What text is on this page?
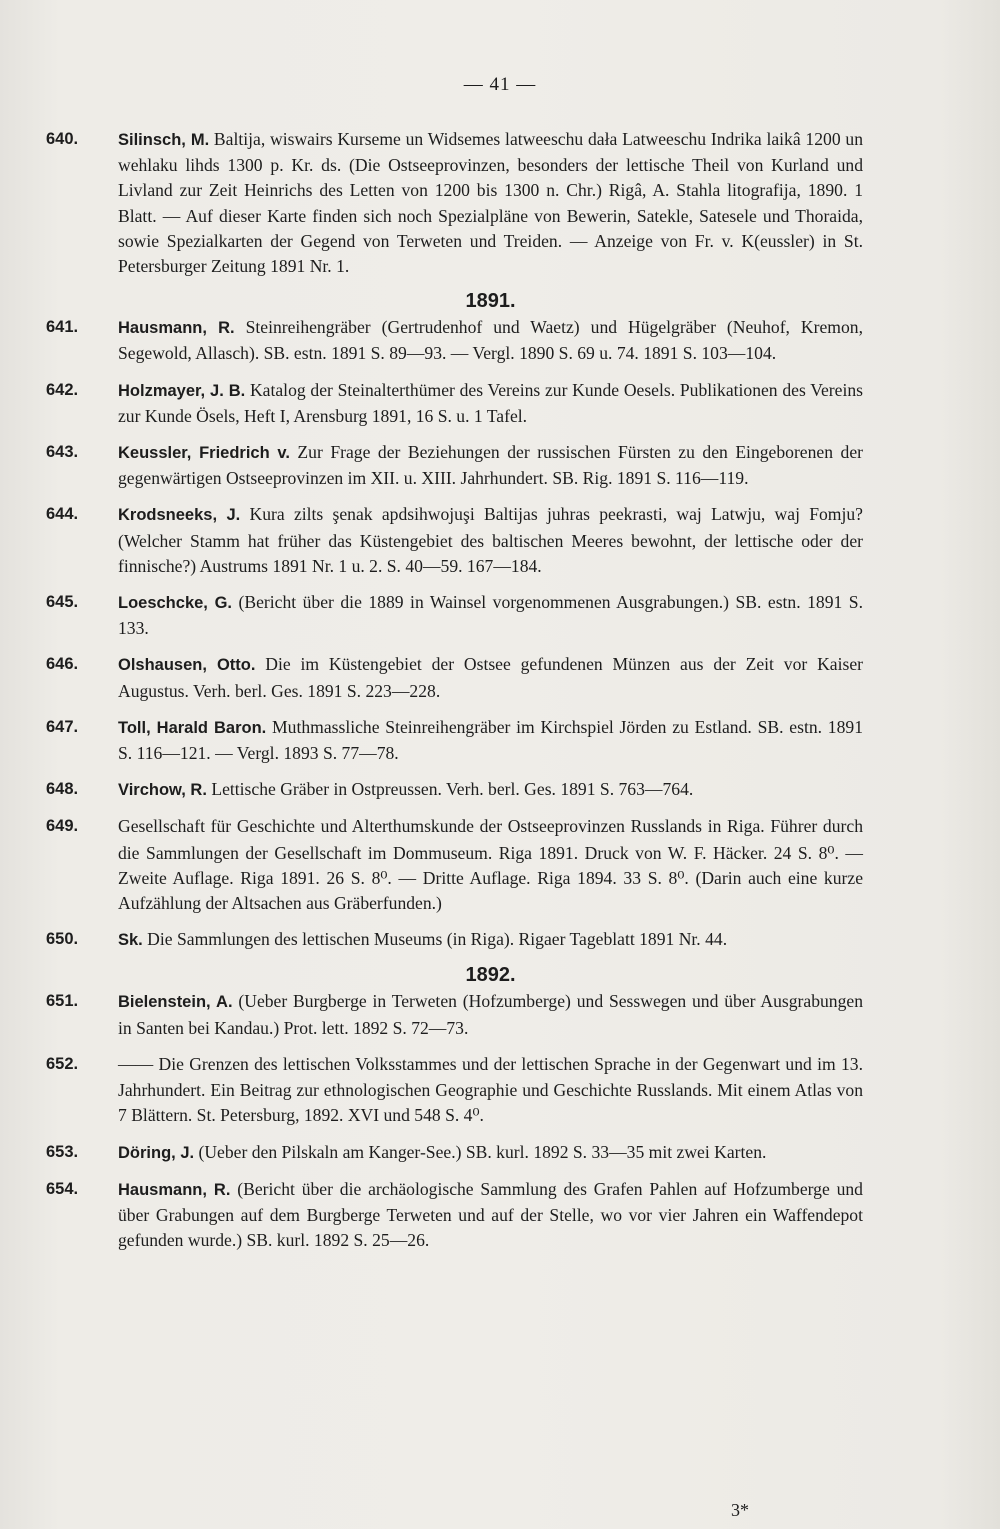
— 41 —
640. Silinsch, M. Baltija, wiswairs Kurseme un Widsemes latweeschu dała Latweeschu Indrika laikâ 1200 un wehlaku lihds 1300 p. Kr. ds. (Die Ostseeprovinzen, besonders der lettische Theil von Kurland und Livland zur Zeit Heinrichs des Letten von 1200 bis 1300 n. Chr.) Rigâ, A. Stahla litografija, 1890. 1 Blatt. — Auf dieser Karte finden sich noch Spezialpläne von Bewerin, Satekle, Satesele und Thoraida, sowie Spezialkarten der Gegend von Terweten und Treiden. — Anzeige von Fr. v. K(eussler) in St. Petersburger Zeitung 1891 Nr. 1.
1891.
641. Hausmann, R. Steinreihengräber (Gertrudenhof und Waetz) und Hügelgräber (Neuhof, Kremon, Segewold, Allasch). SB. estn. 1891 S. 89—93. — Vergl. 1890 S. 69 u. 74. 1891 S. 103—104.
642. Holzmayer, J. B. Katalog der Steinalterthümer des Vereins zur Kunde Oesels. Publikationen des Vereins zur Kunde Ösels, Heft I, Arensburg 1891, 16 S. u. 1 Tafel.
643. Keussler, Friedrich v. Zur Frage der Beziehungen der russischen Fürsten zu den Eingeborenen der gegenwärtigen Ostseeprovinzen im XII. u. XIII. Jahrhundert. SB. Rig. 1891 S. 116—119.
644. Krodsneeks, J. Kura zilts şenak apdsihwojuşi Baltijas juhras peekrasti, waj Latwju, waj Fomju? (Welcher Stamm hat früher das Küstengebiet des baltischen Meeres bewohnt, der lettische oder der finnische?) Austrums 1891 Nr. 1 u. 2. S. 40—59. 167—184.
645. Loeschcke, G. (Bericht über die 1889 in Wainsel vorgenommenen Ausgrabungen.) SB. estn. 1891 S. 133.
646. Olshausen, Otto. Die im Küstengebiet der Ostsee gefundenen Münzen aus der Zeit vor Kaiser Augustus. Verh. berl. Ges. 1891 S. 223—228.
647. Toll, Harald Baron. Muthmassliche Steinreihengräber im Kirchspiel Jörden zu Estland. SB. estn. 1891 S. 116—121. — Vergl. 1893 S. 77—78.
648. Virchow, R. Lettische Gräber in Ostpreussen. Verh. berl. Ges. 1891 S. 763—764.
649. Gesellschaft für Geschichte und Alterthumskunde der Ostseeprovinzen Russlands in Riga. Führer durch die Sammlungen der Gesellschaft im Dommuseum. Riga 1891. Druck von W. F. Häcker. 24 S. 8⁰. — Zweite Auflage. Riga 1891. 26 S. 8⁰. — Dritte Auflage. Riga 1894. 33 S. 8⁰. (Darin auch eine kurze Aufzählung der Altsachen aus Gräberfunden.)
650. Sk. Die Sammlungen des lettischen Museums (in Riga). Rigaer Tageblatt 1891 Nr. 44.
1892.
651. Bielenstein, A. (Ueber Burgberge in Terweten (Hofzumberge) und Sesswegen und über Ausgrabungen in Santen bei Kandau.) Prot. lett. 1892 S. 72—73.
652. —— Die Grenzen des lettischen Volksstammes und der lettischen Sprache in der Gegenwart und im 13. Jahrhundert. Ein Beitrag zur ethnologischen Geographie und Geschichte Russlands. Mit einem Atlas von 7 Blättern. St. Petersburg, 1892. XVI und 548 S. 4⁰.
653. Döring, J. (Ueber den Pilskaln am Kanger-See.) SB. kurl. 1892 S. 33—35 mit zwei Karten.
654. Hausmann, R. (Bericht über die archäologische Sammlung des Grafen Pahlen auf Hofzumberge und über Grabungen auf dem Burgberge Terweten und auf der Stelle, wo vor vier Jahren ein Waffendepot gefunden wurde.) SB. kurl. 1892 S. 25—26.
3*
